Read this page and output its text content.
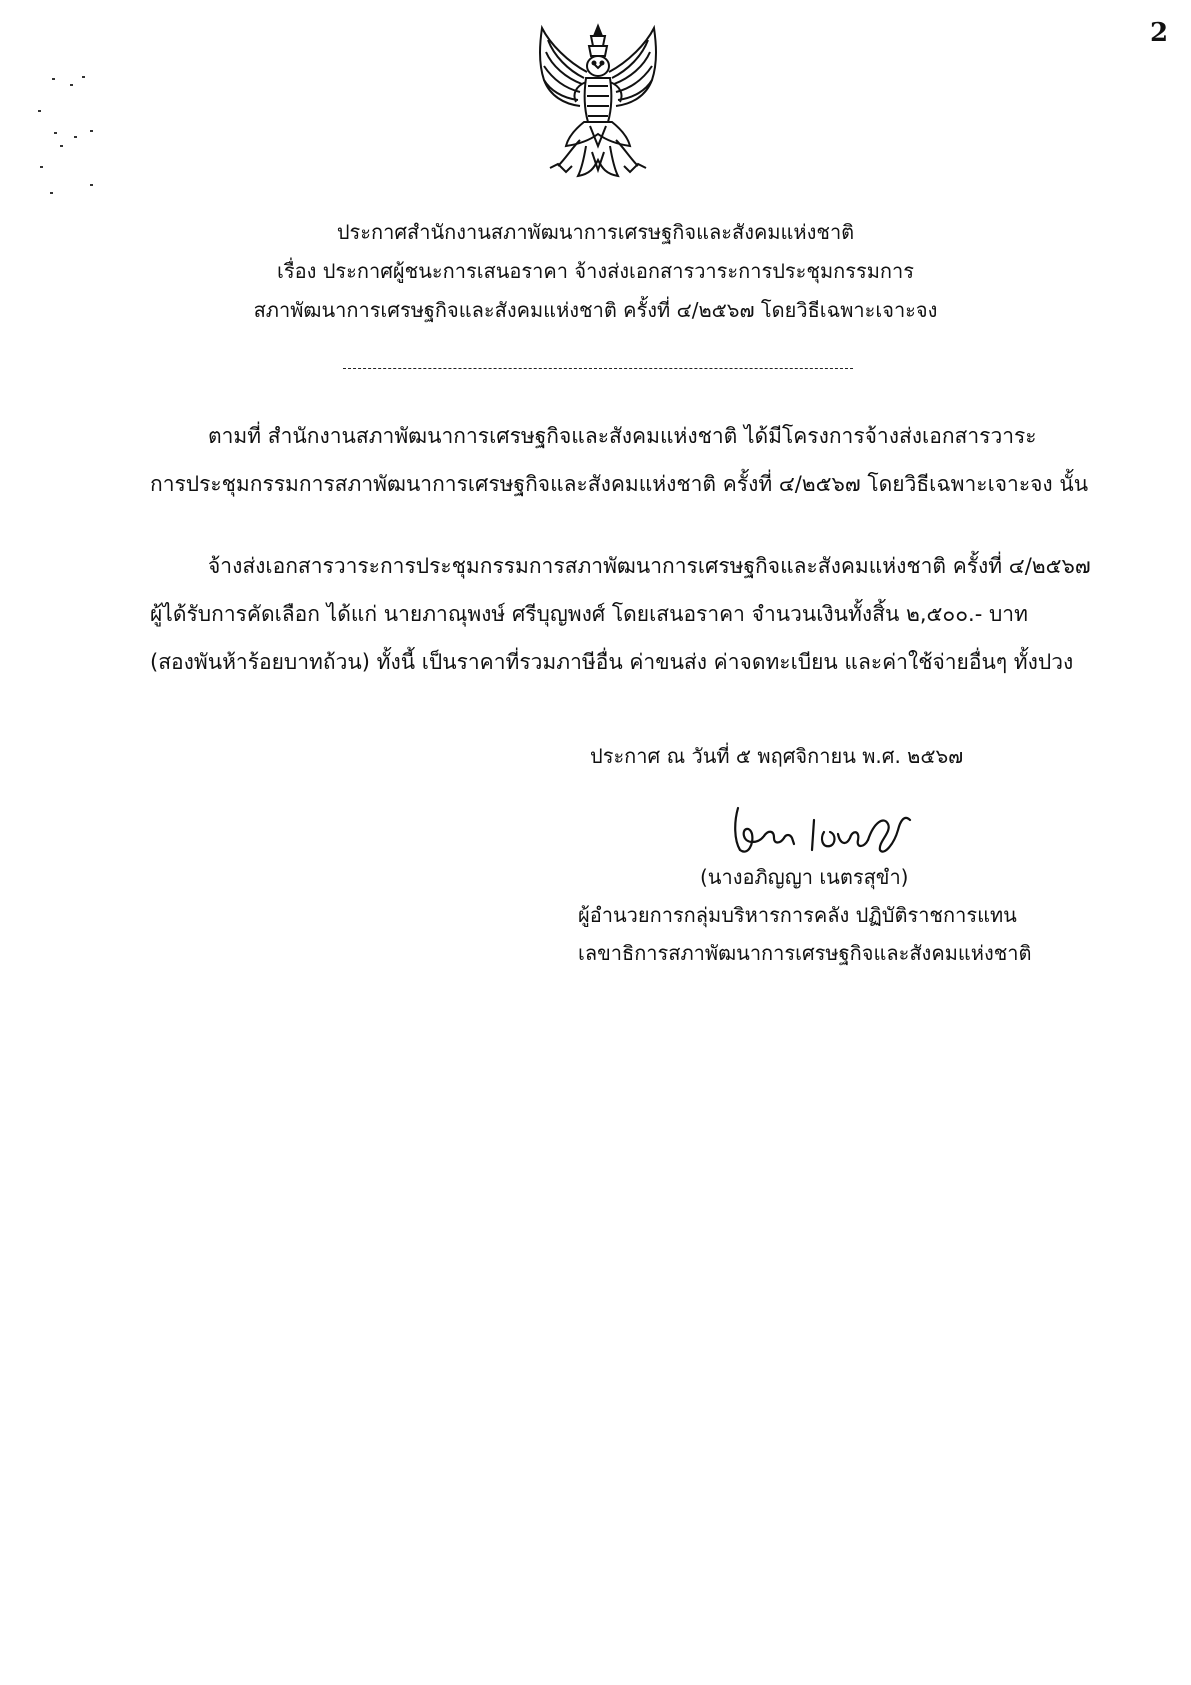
2
ประกาศสำนักงานสภาพัฒนาการเศรษฐกิจและสังคมแห่งชาติ
เรื่อง ประกาศผู้ชนะการเสนอราคา จ้างส่งเอกสารวาระการประชุมกรรมการ
สภาพัฒนาการเศรษฐกิจและสังคมแห่งชาติ ครั้งที่ ๔/๒๕๖๗ โดยวิธีเฉพาะเจาะจง
ตามที่ สำนักงานสภาพัฒนาการเศรษฐกิจและสังคมแห่งชาติ ได้มีโครงการจ้างส่งเอกสารวาระ
การประชุมกรรมการสภาพัฒนาการเศรษฐกิจและสังคมแห่งชาติ ครั้งที่ ๔/๒๕๖๗ โดยวิธีเฉพาะเจาะจง นั้น
จ้างส่งเอกสารวาระการประชุมกรรมการสภาพัฒนาการเศรษฐกิจและสังคมแห่งชาติ ครั้งที่ ๔/๒๕๖๗
ผู้ได้รับการคัดเลือก ได้แก่ นายภาณุพงษ์ ศรีบุญพงศ์ โดยเสนอราคา จำนวนเงินทั้งสิ้น ๒,๕๐๐.- บาท
(สองพันห้าร้อยบาทถ้วน) ทั้งนี้ เป็นราคาที่รวมภาษีอื่น ค่าขนส่ง ค่าจดทะเบียน และค่าใช้จ่ายอื่นๆ ทั้งปวง
ประกาศ ณ วันที่ ๕ พฤศจิกายน พ.ศ. ๒๕๖๗
(นางอภิญญา เนตรสุขำ)
ผู้อำนวยการกลุ่มบริหารการคลัง ปฏิบัติราชการแทน
เลขาธิการสภาพัฒนาการเศรษฐกิจและสังคมแห่งชาติ
